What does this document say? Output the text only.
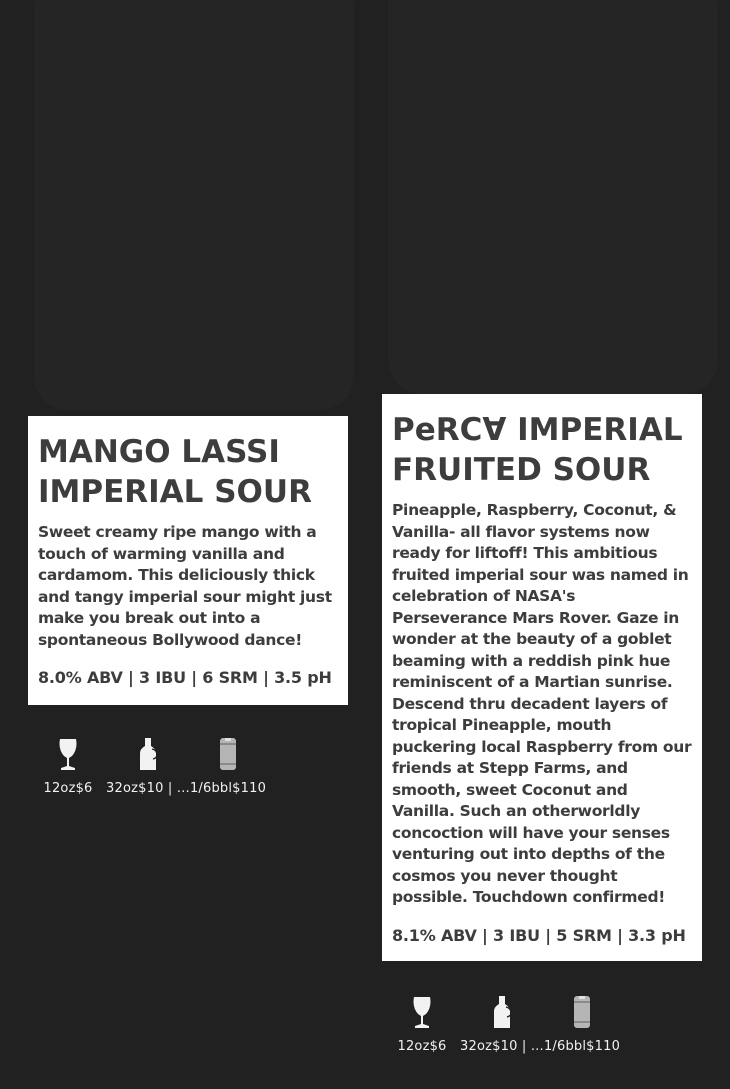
MANGO LASSI IMPERIAL SOUR

Sweet creamy ripe mango with a touch of warming vanilla and cardamom. This deliciously thick and tangy imperial sour might just make you break out into a spontaneous Bollywood dance!

8.0% ABV | 3 IBU | 6 SRM | 3.5 pH

12oz$6 32oz$10 | … 1/6bbl$110
PeRCⱯ IMPERIAL FRUITED SOUR

Pineapple, Raspberry, Coconut, & Vanilla- all flavor systems now ready for liftoff! This ambitious fruited imperial sour was named in celebration of NASA's Perseverance Mars Rover. Gaze in wonder at the beauty of a goblet beaming with a reddish pink hue reminiscent of a Martian sunrise. Descend thru decadent layers of tropical Pineapple, mouth puckering local Raspberry from our friends at Stepp Farms, and smooth, sweet Coconut and Vanilla. Such an otherworldly concoction will have your senses venturing out into depths of the cosmos you never thought possible. Touchdown confirmed!

8.1% ABV | 3 IBU | 5 SRM | 3.3 pH

12oz$6 32oz$10 | … 1/6bbl$110
